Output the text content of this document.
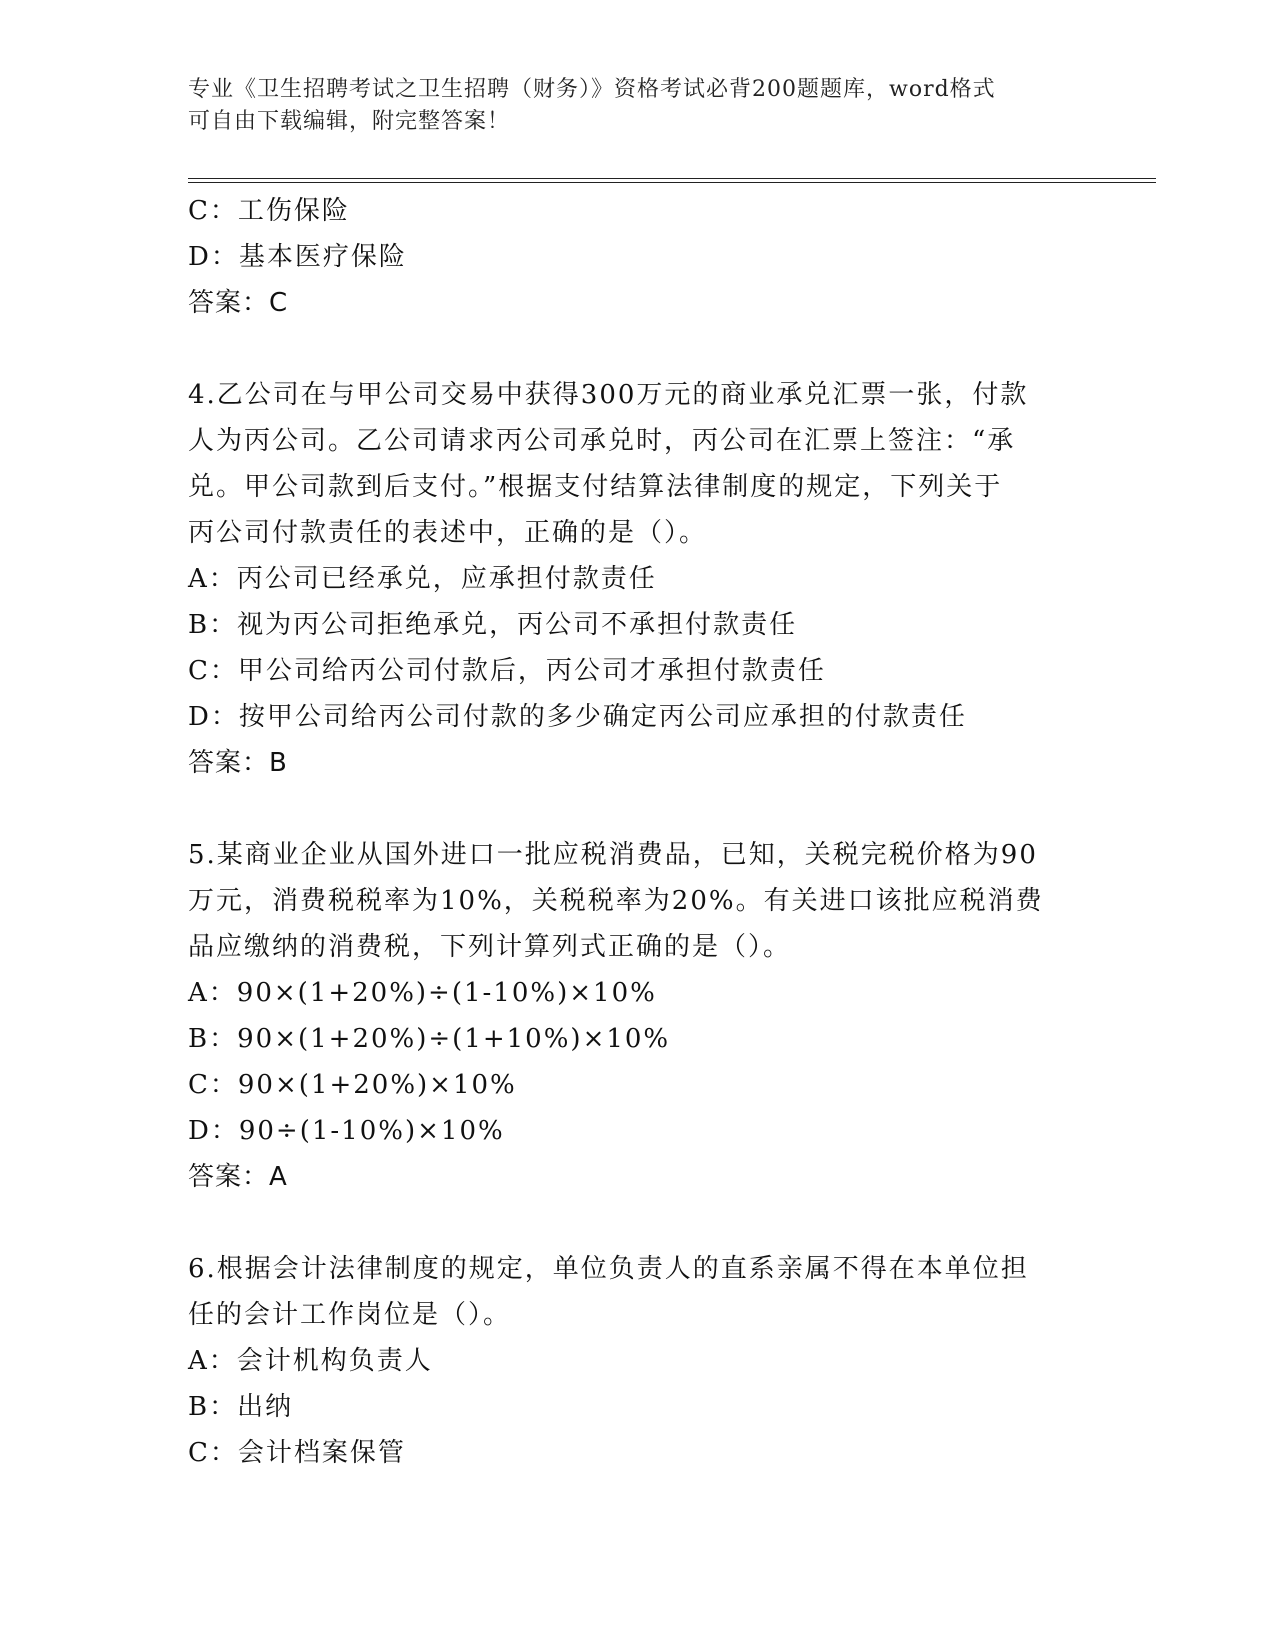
专业《卫生招聘考试之卫生招聘（财务）》资格考试必背200题题库，word格式
可自由下载编辑，附完整答案！
C：工伤保险
D：基本医疗保险
答案：C
4.乙公司在与甲公司交易中获得300万元的商业承兑汇票一张，付款
人为丙公司。乙公司请求丙公司承兑时，丙公司在汇票上签注：“承
兑。甲公司款到后支付。”根据支付结算法律制度的规定，下列关于
丙公司付款责任的表述中，正确的是（）。
A：丙公司已经承兑，应承担付款责任
B：视为丙公司拒绝承兑，丙公司不承担付款责任
C：甲公司给丙公司付款后，丙公司才承担付款责任
D：按甲公司给丙公司付款的多少确定丙公司应承担的付款责任
答案：B
5.某商业企业从国外进口一批应税消费品，已知，关税完税价格为90
万元，消费税税率为10%，关税税率为20%。有关进口该批应税消费
品应缴纳的消费税，下列计算列式正确的是（）。
A：90×(1+20%)÷(1-10%)×10%
B：90×(1+20%)÷(1+10%)×10%
C：90×(1+20%)×10%
D：90÷(1-10%)×10%
答案：A
6.根据会计法律制度的规定，单位负责人的直系亲属不得在本单位担
任的会计工作岗位是（）。
A：会计机构负责人
B：出纳
C：会计档案保管
